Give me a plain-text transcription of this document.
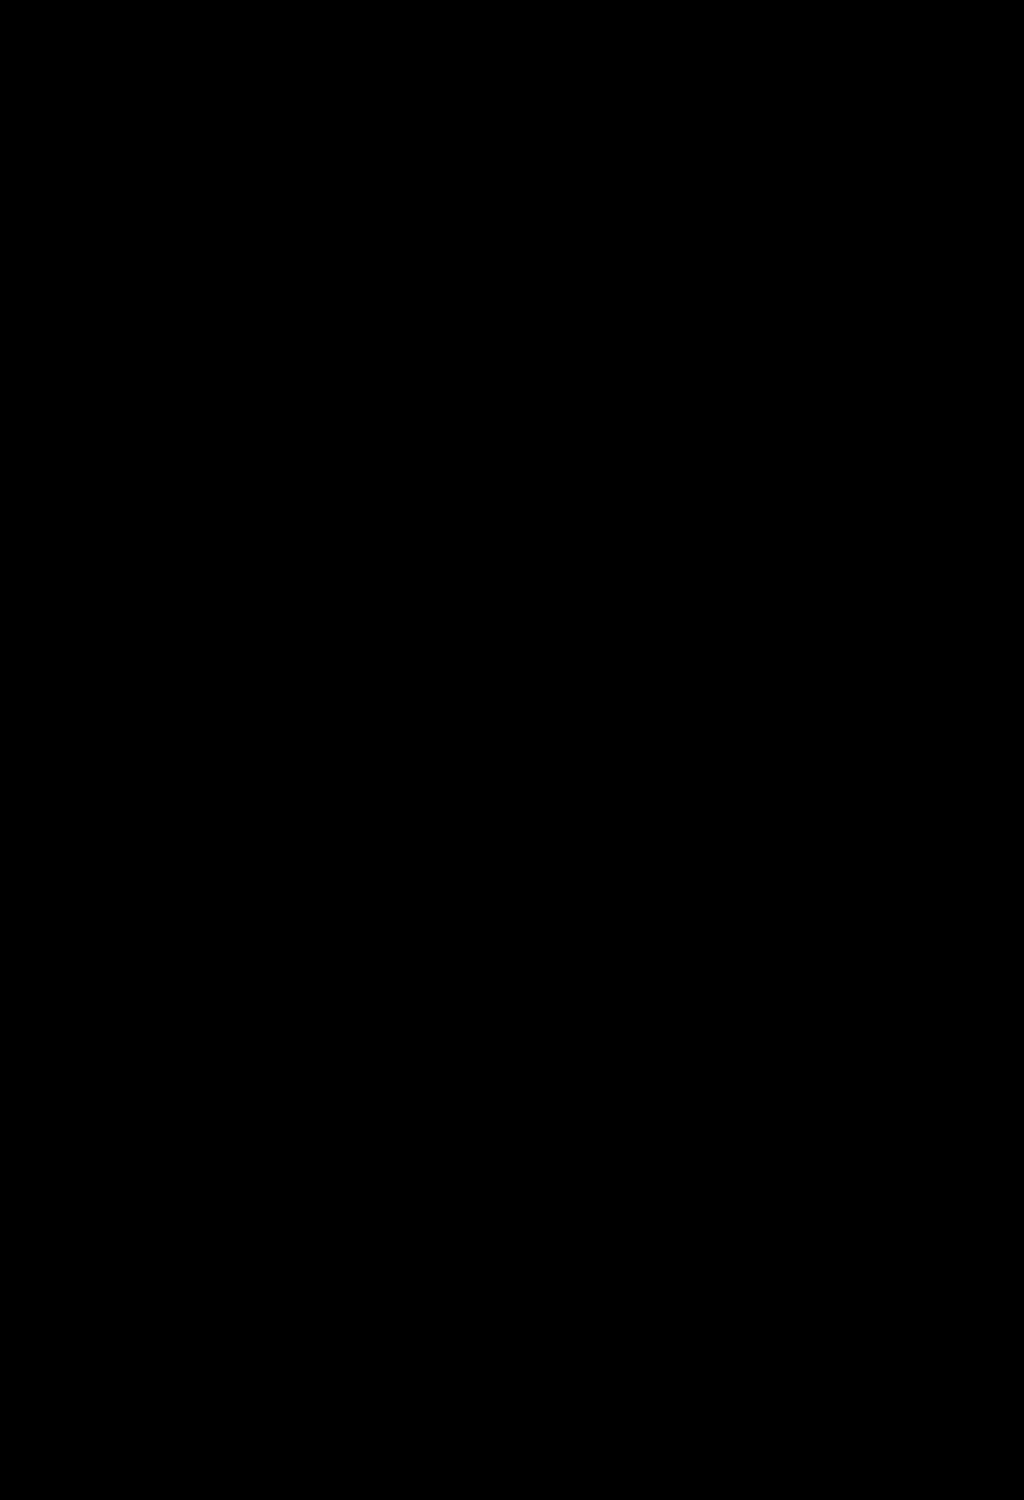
Załącznik Nr 3
do Zarządzenia Nr Or.0050.115.2015
Wójta Gminy Kowale Oleckie
z dnia 17 listopada 2015 r.
Kowale Oleckie, dnia ..............................
Imię i nazwisko/Nazwa: ........................................
Adres zamieszkania/Siedziba:.....................................
.....................................................................................................
DEKLARACJA

W związku z tym, że Gmina Kowale Oleckie planuje wystąpić do Wojewódzkiego Funduszu Ochrony Środowiska i Gospodarki Wodnej w Olsztynie o dofinansowanie zadania pod nazwą: „Usuwanie wyrobów zawierających azbest z terenu Gminy Kowale Oleckie”, zgłaszam chęć uczestnictwa w powyższym zadaniu i deklaruję finansowy udział własny w wysokości 15 % wartości robót przewidzianych do wykonania na terenie nieruchomości stanowiącej moją własność, rozliczając się z wykonawcą zadania, na podstawie faktury VAT(rachunku) wystawionej przez wykonawcę zadania po realizacji zadania, na podstawie rzeczywistej ilości usuniętego odpadu zawierającego azbest z nieruchomości stanowiącej moją własność, potwierdzoną w protokole przekazania odpadu.

Dofinansowanie nie pokrywa kosztów związanych z:

a) zakupem i montażem nowych pokryć dachowych,

b) demontażem lub wymianą elementów konstrukcyjnych dachu lub ściany,

c) demontażem elementów izolacyjnych dachów lub ściany (wełna mineralna, styropian itp. wraz z konstrukcjami wsporczymi izolacji),

d) wykonaniem dokumentacji technicznej dla nieruchomości, dla których konieczne jest naruszenie elementów konstrukcyjnych dachu,

e) kosztorysem przedsięwzięcia,

f) pozostałymi kosztami nie przewidzianymi w harmonogramie prac.

Złożenie deklaracji nie jest jednoznaczne z przyznaniem dofinansowania, gdyż realizacja zadania jest uzależniona od otrzymania dotacji z WFOŚiGW w Olsztynie.

Po pozytywnym rozpatrzeniu wniosku, wnioskodawca ubiegający się o dofinansowanie zobowiązany będzie podpisać umowę na dofinansowanie części kosztów związanych z demontażem, transportem i unieszkodliwieniem wyrobów zawierających azbest, w której określone zostaną warunki, terminy realizacji zadania oraz obowiązki stron. Niepodpisanie umowy będzie jednoznaczne z rezygnacją z udziału w zadaniu.

..............................................................................
(podpis właściciela/ współwłaściciel/osoby upoważnionej)
